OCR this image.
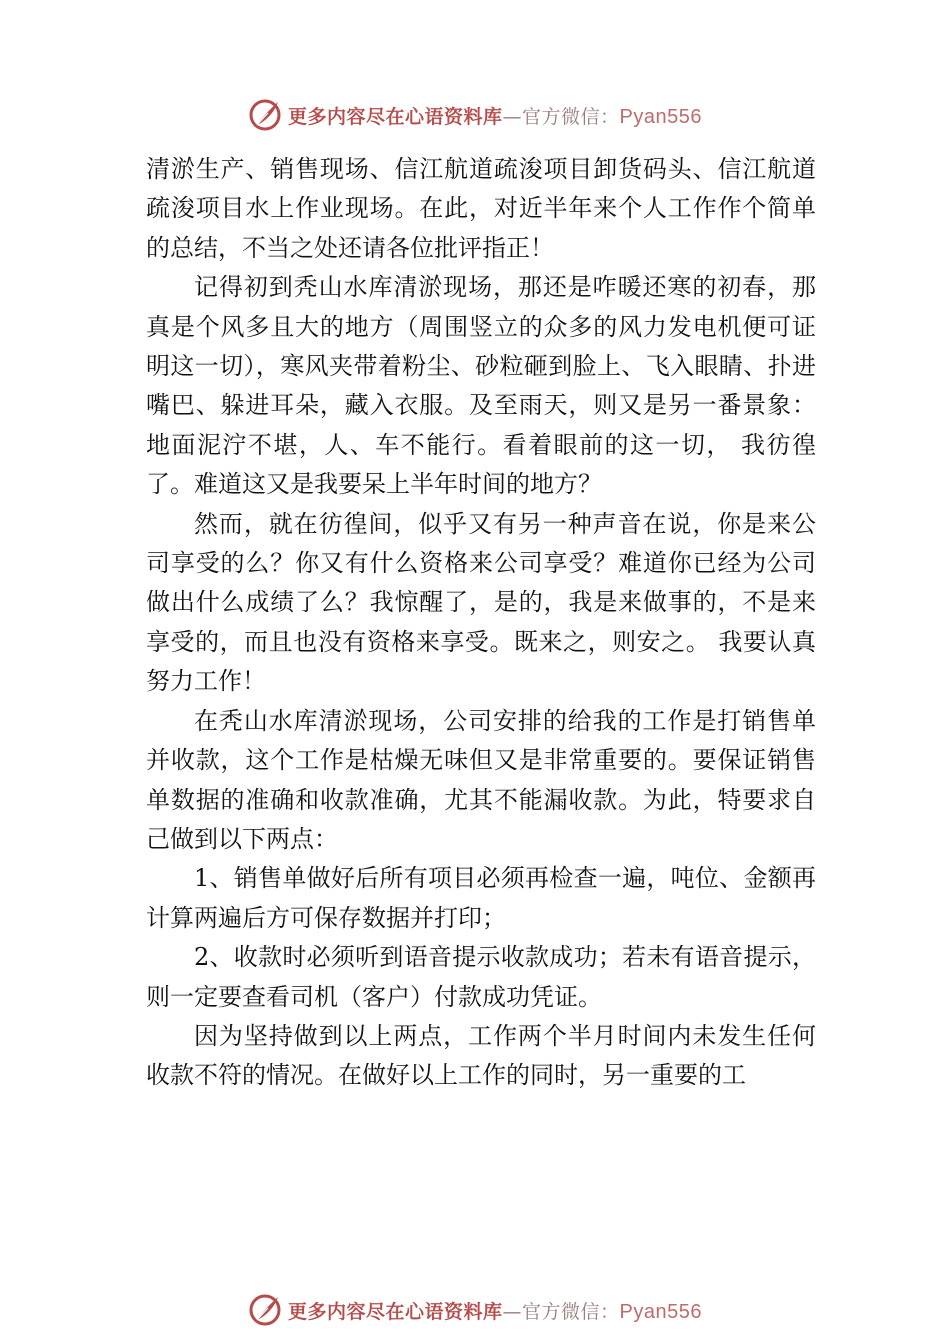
更多内容尽在心语资料库—官方微信：Pyan556

清淤生产、销售现场、信江航道疏浚项目卸货码头、信江航道疏浚项目水上作业现场。在此，对近半年来个人工作作个简单的总结，不当之处还请各位批评指正！

记得初到秃山水库清淤现场，那还是咋暖还寒的初春，那真是个风多且大的地方（周围竖立的众多的风力发电机便可证明这一切），寒风夹带着粉尘、砂粒砸到脸上、飞入眼睛、扑进嘴巴、躲进耳朵，藏入衣服。及至雨天，则又是另一番景象：地面泥泞不堪，人、车不能行。看着眼前的这一切， 我彷徨了。难道这又是我要呆上半年时间的地方？

然而，就在彷徨间，似乎又有另一种声音在说，你是来公司享受的么？你又有什么资格来公司享受？难道你已经为公司做出什么成绩了么？我惊醒了，是的，我是来做事的，不是来享受的，而且也没有资格来享受。既来之，则安之。 我要认真努力工作！

在秃山水库清淤现场，公司安排的给我的工作是打销售单并收款，这个工作是枯燥无味但又是非常重要的。要保证销售单数据的准确和收款准确，尤其不能漏收款。为此，特要求自己做到以下两点：

1、销售单做好后所有项目必须再检查一遍，吨位、金额再计算两遍后方可保存数据并打印；

2、收款时必须听到语音提示收款成功；若未有语音提示，则一定要查看司机（客户）付款成功凭证。

因为坚持做到以上两点，工作两个半月时间内未发生任何收款不符的情况。在做好以上工作的同时，另一重要的工

更多内容尽在心语资料库—官方微信：Pyan556
